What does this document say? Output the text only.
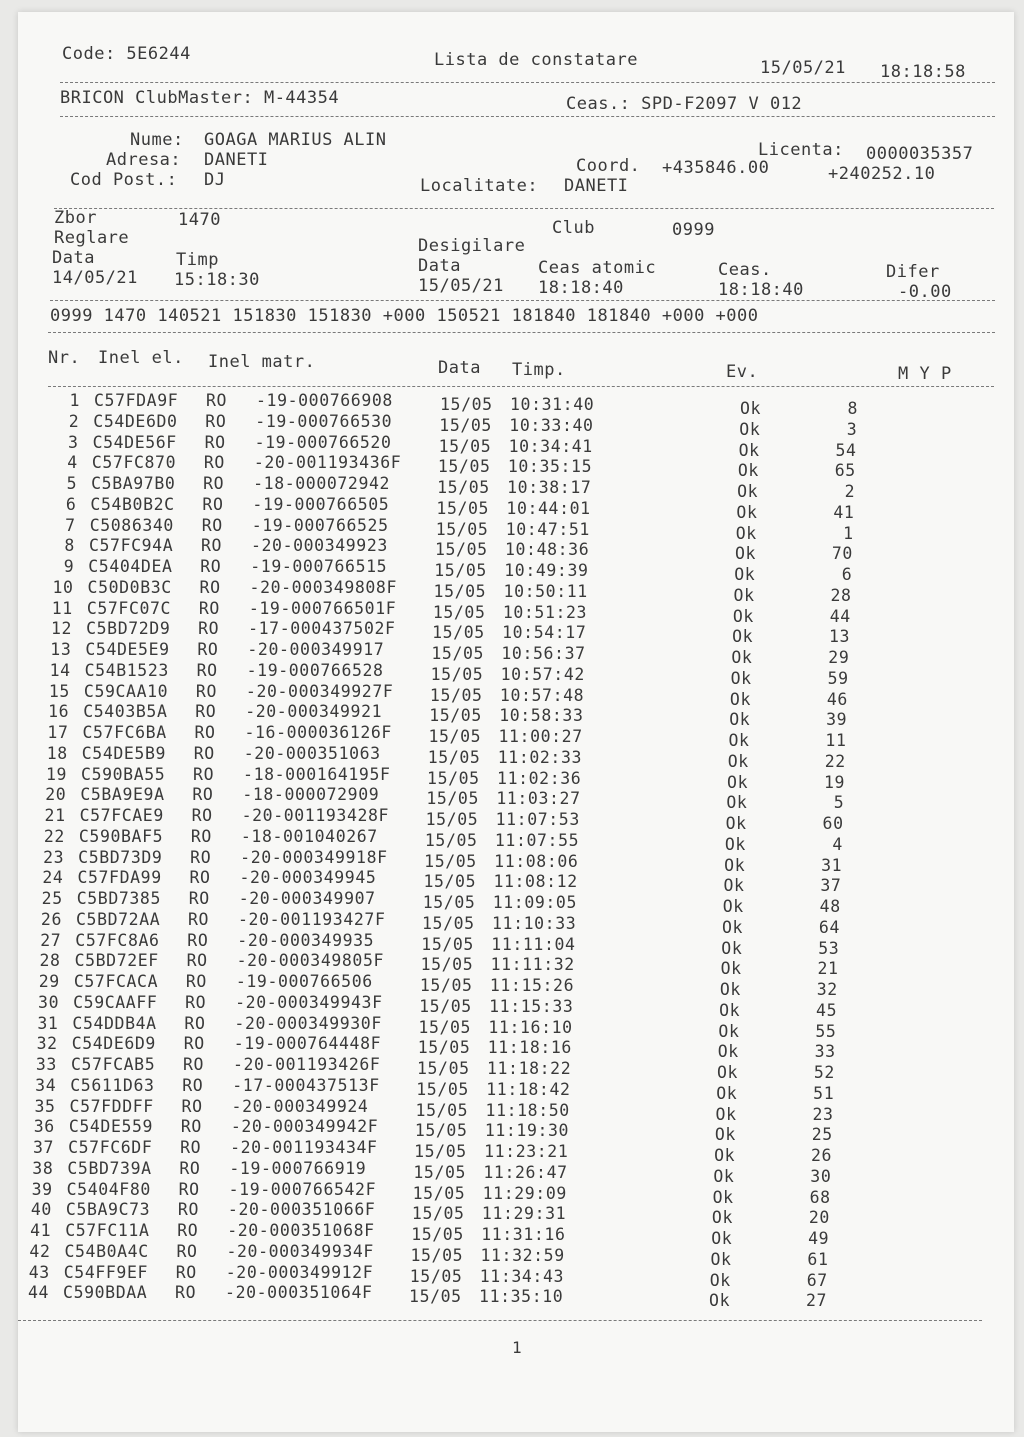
Code: 5E6244	Lista de constatare	15/05/21 18:18:58
BRICON ClubMaster: M-44354	Ceas.: SPD-F2097 V 012
Nume: GOAGA MARIUS ALIN
Adresa: DANETI
Cod Post.: DJ
Licenta: 0000035357
Coord. +435846.00	+240252.10
Localitate: DANETI
Zbor	1470	Club	0999
Reglare	Desigilare
Data	Timp	Data	Ceas atomic	Ceas.	Difer
14/05/21 15:18:30	15/05/21 18:18:40	18:18:40	-0.00
0999 1470 140521 151830 151830 +000 150521 181840 181840 +000 +000
Nr. Inel el. Inel matr.	Data Timp.	Ev.	M Y P
1 C57FDA9F RO -19-000766908	15/05 10:31:40	Ok	8
2 C54DE6D0 RO -19-000766530	15/05 10:33:40	Ok	3
3 C54DE56F RO -19-000766520	15/05 10:34:41	Ok	54
4 C57FC870 RO -20-001193436F 15/05 10:35:15	Ok	65
5 C5BA97B0 RO -18-000072942	15/05 10:38:17	Ok	2
6 C54B0B2C RO -19-000766505	15/05 10:44:01	Ok	41
7 C5086340 RO -19-000766525	15/05 10:47:51	Ok	1
8 C57FC94A RO -20-000349923	15/05 10:48:36	Ok	70
9 C5404DEA RO -19-000766515	15/05 10:49:39	Ok	6
10 C50D0B3C RO -20-000349808F 15/05 10:50:11	Ok	28
11 C57FC07C RO -19-000766501F 15/05 10:51:23	Ok	44
12 C5BD72D9 RO -17-000437502F 15/05 10:54:17	Ok	13
13 C54DE5E9 RO -20-000349917	15/05 10:56:37	Ok	29
14 C54B1523 RO -19-000766528	15/05 10:57:42	Ok	59
15 C59CAA10 RO -20-000349927F 15/05 10:57:48	Ok	46
16 C5403B5A RO -20-000349921	15/05 10:58:33	Ok	39
17 C57FC6BA RO -16-000036126F 15/05 11:00:27	Ok	11
18 C54DE5B9 RO -20-000351063	15/05 11:02:33	Ok	22
19 C590BA55 RO -18-000164195F 15/05 11:02:36	Ok	19
20 C5BA9E9A RO -18-000072909	15/05 11:03:27	Ok	5
21 C57FCAE9 RO -20-001193428F 15/05 11:07:53	Ok	60
22 C590BAF5 RO -18-001040267	15/05 11:07:55	Ok	4
23 C5BD73D9 RO -20-000349918F 15/05 11:08:06	Ok	31
24 C57FDA99 RO -20-000349945	15/05 11:08:12	Ok	37
25 C5BD7385 RO -20-000349907	15/05 11:09:05	Ok	48
26 C5BD72AA RO -20-001193427F 15/05 11:10:33	Ok	64
27 C57FC8A6 RO -20-000349935	15/05 11:11:04	Ok	53
28 C5BD72EF RO -20-000349805F 15/05 11:11:32	Ok	21
29 C57FCACA RO -19-000766506	15/05 11:15:26	Ok	32
30 C59CAAFF RO -20-000349943F 15/05 11:15:33	Ok	45
31 C54DDB4A RO -20-000349930F 15/05 11:16:10	Ok	55
32 C54DE6D9 RO -19-000764448F 15/05 11:18:16	Ok	33
33 C57FCAB5 RO -20-001193426F 15/05 11:18:22	Ok	52
34 C5611D63 RO -17-000437513F 15/05 11:18:42	Ok	51
35 C57FDDFF RO -20-000349924	15/05 11:18:50	Ok	23
36 C54DE559 RO -20-000349942F 15/05 11:19:30	Ok	25
37 C57FC6DF RO -20-001193434F 15/05 11:23:21	Ok	26
38 C5BD739A RO -19-000766919	15/05 11:26:47	Ok	30
39 C5404F80 RO -19-000766542F 15/05 11:29:09	Ok	68
40 C5BA9C73 RO -20-000351066F 15/05 11:29:31	Ok	20
41 C57FC11A RO -20-000351068F 15/05 11:31:16	Ok	49
42 C54B0A4C RO -20-000349934F 15/05 11:32:59	Ok	61
43 C54FF9EF RO -20-000349912F 15/05 11:34:43	Ok	67
44 C590BDAA RO -20-000351064F 15/05 11:35:10	Ok	27
1
